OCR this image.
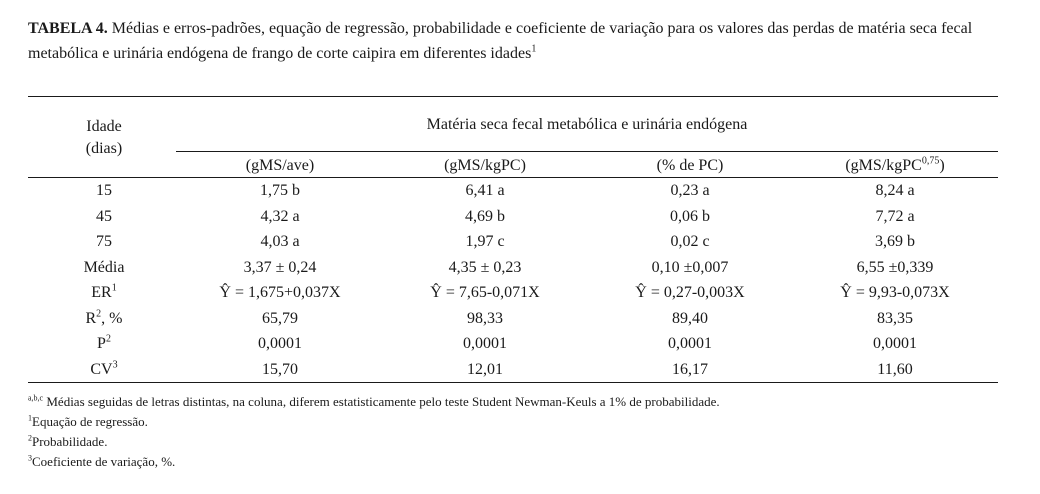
TABELA 4. Médias e erros-padrões, equação de regressão, probabilidade e coeficiente de variação para os valores das perdas de matéria seca fecal metabólica e urinária endógena de frango de corte caipira em diferentes idades$^1$
Idade
(dias)
Matéria seca fecal metabólica e urinária endógena
(gMS/ave)	(gMS/kgPC)	(% de PC)	(gMS/kgPC$^{0,75}$)
15	1,75 b	6,41 a	0,23 a	8,24 a
45	4,32 a	4,69 b	0,06 b	7,72 a
75	4,03 a	1,97 c	0,02 c	3,69 b
Média	3,37 ± 0,24	4,35 ± 0,23	0,10 ±0,007	6,55 ±0,339
$ER^1$	Ŷ = 1,675+0,037X	Ŷ = 7,65-0,071X	Ŷ = 0,27-0,003X	Ŷ = 9,93-0,073X
$R^2$, %	65,79	98,33	89,40	83,35
$P^2$	0,0001	0,0001	0,0001	0,0001
$CV^3$	15,70	12,01	16,17	11,60
$^{a,b,c}$ Médias seguidas de letras distintas, na coluna, diferem estatisticamente pelo teste Student Newman-Keuls a 1% de probabilidade.
$^1$Equação de regressão.
$^2$Probabilidade.
$^3$Coeficiente de variação, %.
